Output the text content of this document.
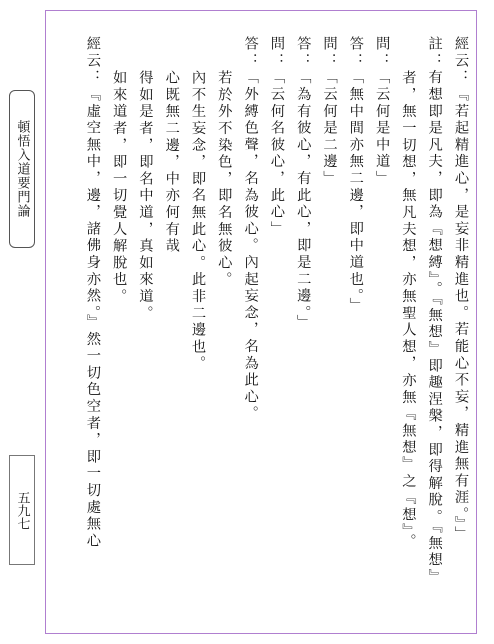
頓悟入道要門論
五九七	經云：『若起精進心，是妄非精進也。若能心不妄，精進無有涯。』」

註：有想即是凡夫，即為『想縛』。『無想』即趣涅槃，即得解脫。『無想』

者，無一切想，無凡夫想，亦無聖人想，亦無『無想』之『想』。

問：「云何是中道」

答：「無中間亦無二邊，即中道也。」

問：「云何是二邊」

答：「為有彼心，有此心，即是二邊。」

問：「云何名彼心，此心」

答：「外縛色聲，名為彼心。內起妄念，名為此心。

若於外不染色，即名無彼心。

內不生妄念，即名無此心。此非二邊也。

心既無二邊，中亦何有哉

得如是者，即名中道，真如來道。

如來道者，即一切覺人解脫也。

經云：『虛空無中，邊，諸佛身亦然。』然一切色空者，即一切處無心
